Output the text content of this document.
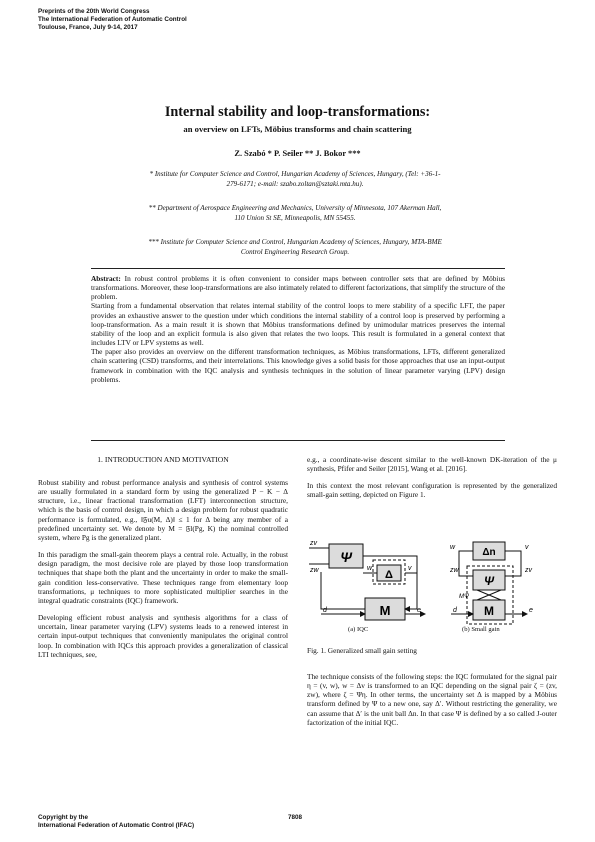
Preprints of the 20th World Congress
The International Federation of Automatic Control
Toulouse, France, July 9-14, 2017
Internal stability and loop-transformations:
an overview on LFTs, Möbius transforms and chain scattering
Z. Szabó * P. Seiler ** J. Bokor ***
* Institute for Computer Science and Control, Hungarian Academy of Sciences, Hungary, (Tel: +36-1-279-6171; e-mail: szabo.zoltan@sztaki.mta.hu).
** Department of Aerospace Engineering and Mechanics, University of Minnesota, 107 Akerman Hall, 110 Union St SE, Minneapolis, MN 55455.
*** Institute for Computer Science and Control, Hungarian Academy of Sciences, Hungary, MTA-BME Control Engineering Research Group.

Abstract: In robust control problems it is often convenient to consider maps between controller sets that are defined by Möbius transformations. Moreover, these loop-transformations are also intimately related to different factorizations, that simplify the structure of the problem.

Starting from a fundamental observation that relates internal stability of the control loops to mere stability of a specific LFT, the paper provides an exhaustive answer to the question under which conditions the internal stability of a control loop is preserved by performing a loop-transformation. As a main result it is shown that Möbius transformations defined by unimodular matrices preserves the internal stability of the loop and an explicit formula is also given that relates the two loops. This result is formulated in a general context that includes LTV or LPV systems as well.

The paper also provides an overview on the different transformation techniques, as Möbius transformations, LFTs, different generalized chain scattering (CSD) transforms, and their interrelations. This knowledge gives a solid basis for those approaches that use an input-output framework in combination with the IQC analysis and synthesis techniques in the solution of linear parameter varying (LPV) design problems.

1. INTRODUCTION AND MOTIVATION

Robust stability and robust performance analysis and synthesis of control systems are usually formulated in a standard form by using the generalized P − K − Δ structure, i.e., linear fractional transformation (LFT) interconnection structure, which is the basis of control design, in which a design problem for robust quadratic performance is formulated, e.g., ‖𝔉u(M, Δ)‖ ≤ 1 for Δ being any member of a predefined uncertainty set. We denote by M = 𝔉l(Pg, K) the nominal controlled system, where Pg is the generalized plant.

In this paradigm the small-gain theorem plays a central role. Actually, in the robust design paradigm, the most decisive role are played by those loop transformation techniques that shape both the plant and the uncertainty in order to make the small-gain condition less-conservative. These techniques range from elementary loop transformations, μ techniques to more sophisticated multiplier searches in the integral quadratic constraints (IQC) framework.

Developing efficient robust analysis and synthesis algorithms for a class of uncertain, linear parameter varying (LPV) systems leads to a renewed interest in certain input-output techniques that conveniently manipulates the original control loop. In combination with IQCs this approach provides a generalization of classical LTI techniques, see,

e.g., a coordinate-wise descent similar to the well-known DK-iteration of the μ synthesis, Pfifer and Seiler [2015], Wang et al. [2016].

In this context the most relevant configuration is represented by the generalized small-gain setting, depicted on Figure 1.

Ψ
Δ
M
zv
zw	w	v
d	e
Δn
Ψ
M
w	v
zw	zv
MΨ
d	e
(a) IQC	(b) Small gain
Fig. 1. Generalized small gain setting

The technique consists of the following steps: the IQC formulated for the signal pair η = (v, w), w = Δv is transformed to an IQC depending on the signal pair ζ = (zv, zw), where ζ = Ψη. In other terms, the uncertainty set Δ is mapped by a Möbius transform defined by Ψ to a new one, say Δ′. Without restricting the generality, we can assume that Δ′ is the unit ball Δn. In that case Ψ is defined by a so called J-outer factorization of the initial IQC.

Copyright by the
International Federation of Automatic Control (IFAC)
7808
